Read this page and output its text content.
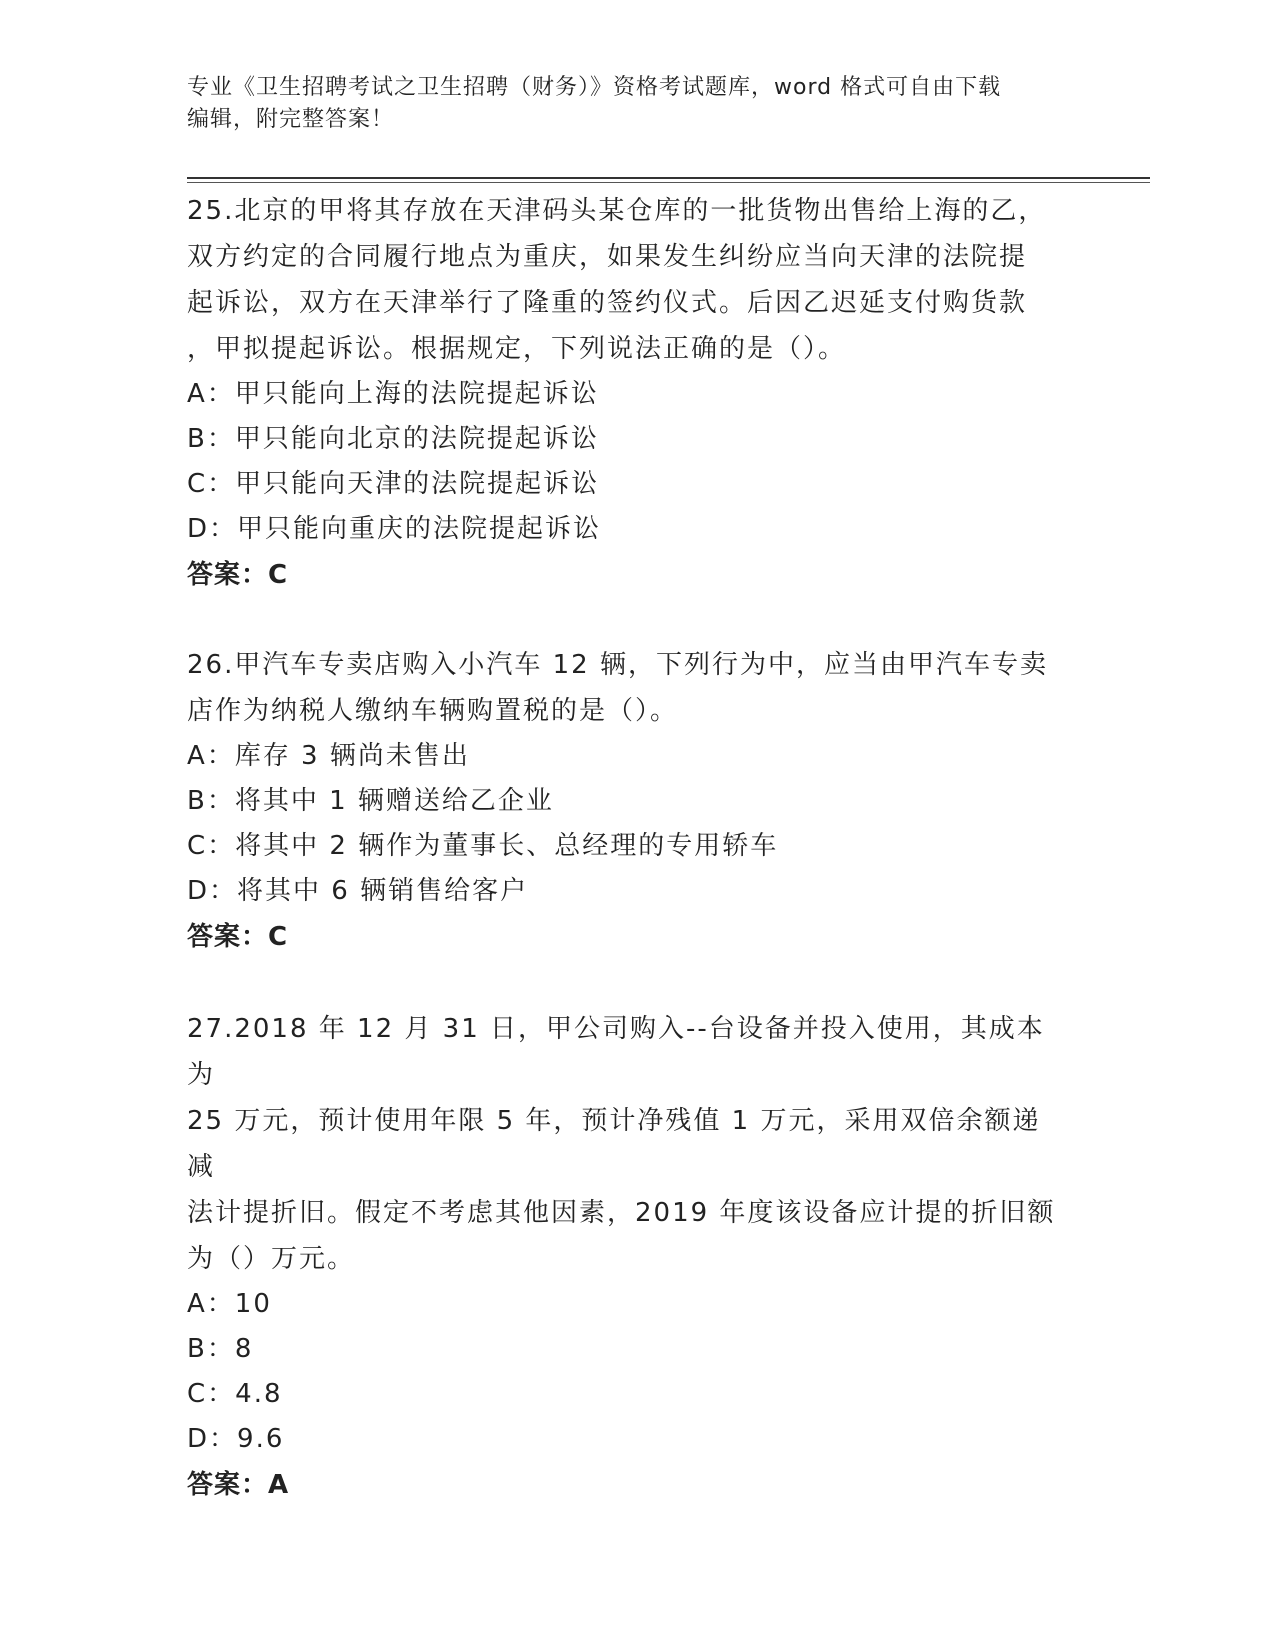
专业《卫生招聘考试之卫生招聘（财务）》资格考试题库，word 格式可自由下载
编辑，附完整答案！

25.北京的甲将其存放在天津码头某仓库的一批货物出售给上海的乙，

双方约定的合同履行地点为重庆，如果发生纠纷应当向天津的法院提

起诉讼，双方在天津举行了隆重的签约仪式。后因乙迟延支付购货款

，甲拟提起诉讼。根据规定，下列说法正确的是（）。

A：甲只能向上海的法院提起诉讼

B：甲只能向北京的法院提起诉讼

C：甲只能向天津的法院提起诉讼

D：甲只能向重庆的法院提起诉讼

答案：C

26.甲汽车专卖店购入小汽车 12 辆，下列行为中，应当由甲汽车专卖

店作为纳税人缴纳车辆购置税的是（）。

A：库存 3 辆尚未售出

B：将其中 1 辆赠送给乙企业

C：将其中 2 辆作为董事长、总经理的专用轿车

D：将其中 6 辆销售给客户

答案：C

27.2018 年 12 月 31 日，甲公司购入--台设备并投入使用，其成本为

25 万元，预计使用年限 5 年，预计净残值 1 万元，采用双倍余额递减

法计提折旧。假定不考虑其他因素，2019 年度该设备应计提的折旧额

为（）万元。

A：10

B：8

C：4.8

D：9.6

答案：A
